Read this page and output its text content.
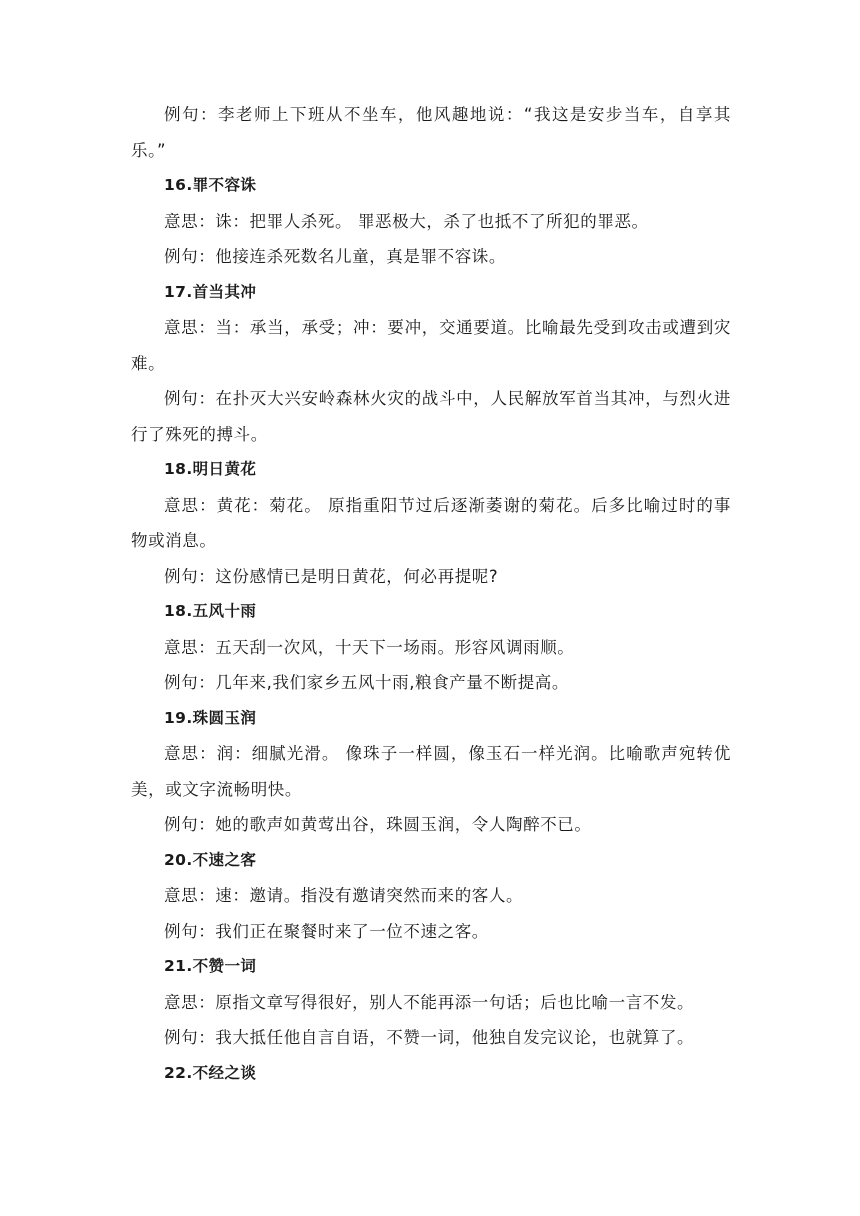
例句：李老师上下班从不坐车，他风趣地说：“我这是安步当车，自享其乐。”

16.罪不容诛

意思：诛：把罪人杀死。 罪恶极大，杀了也抵不了所犯的罪恶。

例句：他接连杀死数名儿童，真是罪不容诛。

17.首当其冲

意思：当：承当，承受；冲：要冲，交通要道。比喻最先受到攻击或遭到灾难。

例句：在扑灭大兴安岭森林火灾的战斗中，人民解放军首当其冲，与烈火进行了殊死的搏斗。

18.明日黄花

意思：黄花：菊花。 原指重阳节过后逐渐萎谢的菊花。后多比喻过时的事物或消息。

例句：这份感情已是明日黄花，何必再提呢?

18.五风十雨

意思：五天刮一次风，十天下一场雨。形容风调雨顺。

例句：几年来,我们家乡五风十雨,粮食产量不断提高。

19.珠圆玉润

意思：润：细腻光滑。 像珠子一样圆，像玉石一样光润。比喻歌声宛转优美，或文字流畅明快。

例句：她的歌声如黄莺出谷，珠圆玉润，令人陶醉不已。

20.不速之客

意思：速：邀请。指没有邀请突然而来的客人。

例句：我们正在聚餐时来了一位不速之客。

21.不赞一词

意思：原指文章写得很好，别人不能再添一句话；后也比喻一言不发。

例句：我大抵任他自言自语，不赞一词，他独自发完议论，也就算了。

22.不经之谈
